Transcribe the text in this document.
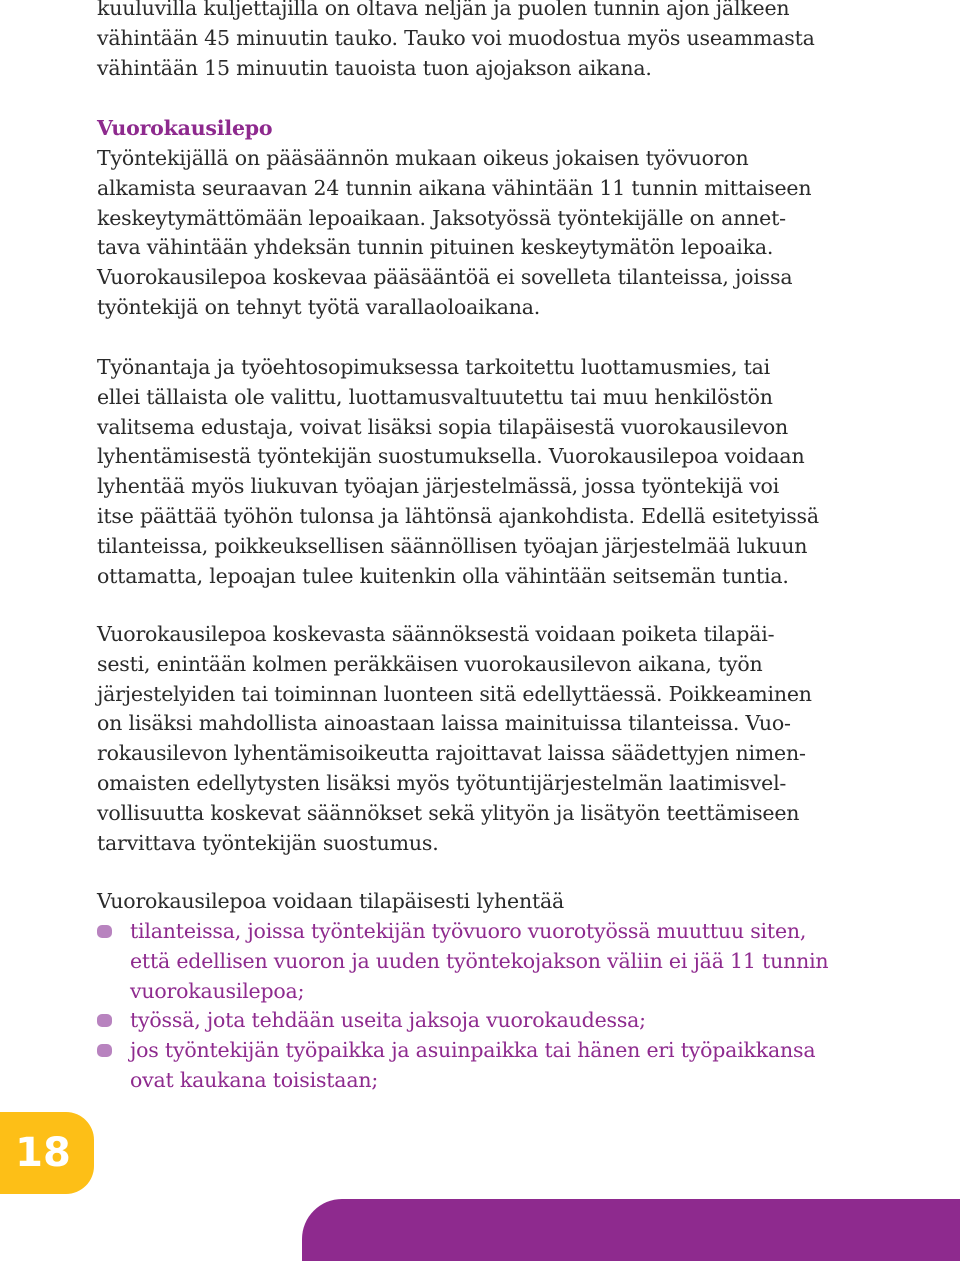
kuuluvilla kuljettajilla on oltava neljän ja puolen tunnin ajon jälkeen
vähintään 45 minuutin tauko. Tauko voi muodostua myös useammasta
vähintään 15 minuutin tauoista tuon ajojakson aikana.
Vuorokausilepo
Työntekijällä on pääsäännön mukaan oikeus jokaisen työvuoron
alkamista seuraavan 24 tunnin aikana vähintään 11 tunnin mittaiseen
keskeytymättömään lepoaikaan. Jaksotyössä työntekijälle on annet-
tava vähintään yhdeksän tunnin pituinen keskeytymätön lepoaika.
Vuorokausilepoa koskevaa pääsääntöä ei sovelleta tilanteissa, joissa
työntekijä on tehnyt työtä varallaoloaikana.
Työnantaja ja työehtosopimuksessa tarkoitettu luottamusmies, tai
ellei tällaista ole valittu, luottamusvaltuutettu tai muu henkilöstön
valitsema edustaja, voivat lisäksi sopia tilapäisestä vuorokausilevon
lyhentämisestä työntekijän suostumuksella. Vuorokausilepoa voidaan
lyhentää myös liukuvan työajan järjestelmässä, jossa työntekijä voi
itse päättää työhön tulonsa ja lähtönsä ajankohdista. Edellä esitetyissä
tilanteissa, poikkeuksellisen säännöllisen työajan järjestelmää lukuun
ottamatta, lepoajan tulee kuitenkin olla vähintään seitsemän tuntia.
Vuorokausilepoa koskevasta säännöksestä voidaan poiketa tilapäi-
sesti, enintään kolmen peräkkäisen vuorokausilevon aikana, työn
järjestelyiden tai toiminnan luonteen sitä edellyttäessä. Poikkeaminen
on lisäksi mahdollista ainoastaan laissa mainituissa tilanteissa. Vuo-
rokausilevon lyhentämisoikeutta rajoittavat laissa säädettyjen nimen-
omaisten edellytysten lisäksi myös työtuntijärjestelmän laatimisvel-
vollisuutta koskevat säännökset sekä ylityön ja lisätyön teettämiseen
tarvittava työntekijän suostumus.
Vuorokausilepoa voidaan tilapäisesti lyhentää
tilanteissa, joissa työntekijän työvuoro vuorotyössä muuttuu siten,
että edellisen vuoron ja uuden työntekojakson väliin ei jää 11 tunnin
vuorokausilepoa;
työssä, jota tehdään useita jaksoja vuorokaudessa;
jos työntekijän työpaikka ja asuinpaikka tai hänen eri työpaikkansa
ovat kaukana toisistaan;
18
